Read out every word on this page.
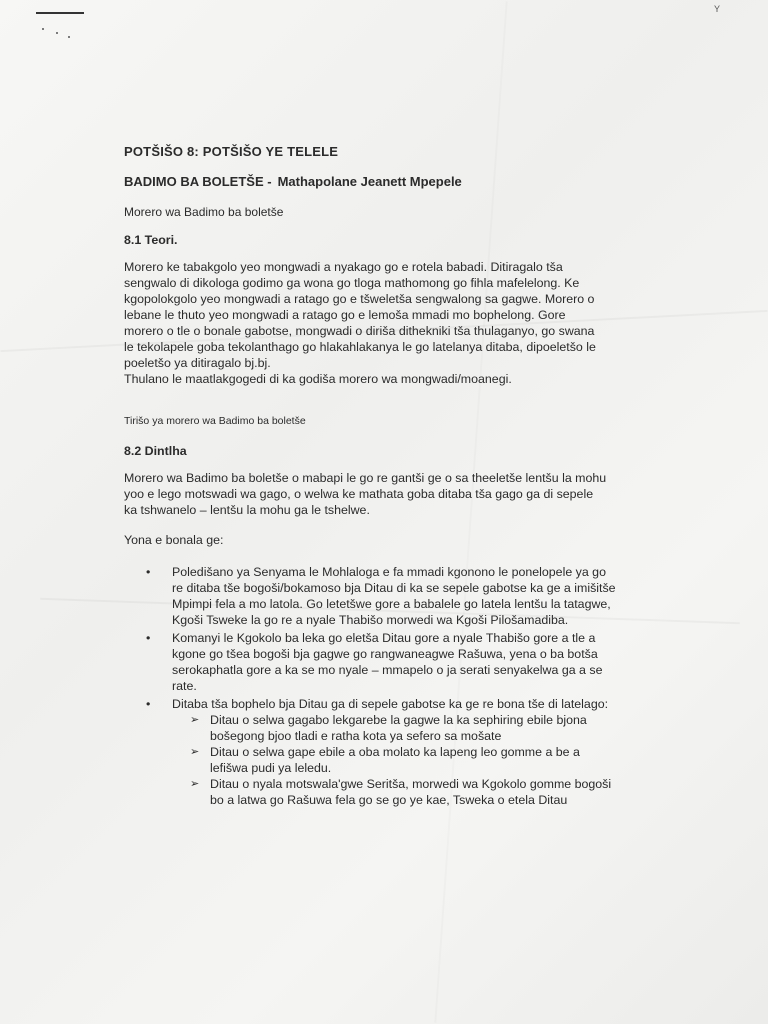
Y
POTŠIŠO 8: POTŠIŠO YE TELELE
BADIMO BA BOLETŠE - Mathapolane Jeanett Mpepele
Morero wa Badimo ba boletše
8.1 Teori.
Morero ke tabakgolo yeo mongwadi a nyakago go e rotela babadi. Ditiragalo tša
sengwalo di dikologa godimo ga wona go tloga mathomong go fihla mafelelong. Ke
kgopolokgolo yeo mongwadi a ratago go e tšweletša sengwalong sa gagwe. Morero o
lebane le thuto yeo mongwadi a ratago go e lemoša mmadi mo bophelong. Gore
morero o tle o bonale gabotse, mongwadi o diriša dithekniki tša thulaganyo, go swana
le tekolapele goba tekolanthago go hlakahlakanya le go latelanya ditaba, dipoeletšo le
poeletšo ya ditiragalo bj.bj.
Thulano le maatlakgogedi di ka godiša morero wa mongwadi/moanegi.
Tirišo ya morero wa Badimo ba boletše
8.2 Dintlha
Morero wa Badimo ba boletše o mabapi le go re gantši ge o sa theeletše lentšu la mohu
yoo e lego motswadi wa gago, o welwa ke mathata goba ditaba tša gago ga di sepele
ka tshwanelo – lentšu la mohu ga le tshelwe.
Yona e bonala ge:
• Poledišano ya Senyama le Mohlaloga e fa mmadi kgonono le ponelopele ya go
re ditaba tše bogoši/bokamoso bja Ditau di ka se sepele gabotse ka ge a imišitše
Mpimpi fela a mo latola. Go letetšwe gore a babalele go latela lentšu la tatagwe,
Kgoši Tsweke la go re a nyale Thabišo morwedi wa Kgoši Pilošamadiba.
• Komanyi le Kgokolo ba leka go eletša Ditau gore a nyale Thabišo gore a tle a
kgone go tšea bogoši bja gagwe go rangwaneagwe Rašuwa, yena o ba botša
serokaphatla gore a ka se mo nyale – mmapelo o ja serati senyakelwa ga a se
rate.
• Ditaba tša bophelo bja Ditau ga di sepele gabotse ka ge re bona tše di latelago:
➢ Ditau o selwa gagabo lekgarebe la gagwe la ka sephiring ebile bjona
bošegong bjoo tladi e ratha kota ya sefero sa mošate
➢ Ditau o selwa gape ebile a oba molato ka lapeng leo gomme a be a
lefišwa pudi ya leledu.
➢ Ditau o nyala motswala'gwe Seritša, morwedi wa Kgokolo gomme bogoši
bo a latwa go Rašuwa fela go se go ye kae, Tsweka o etela Ditau
